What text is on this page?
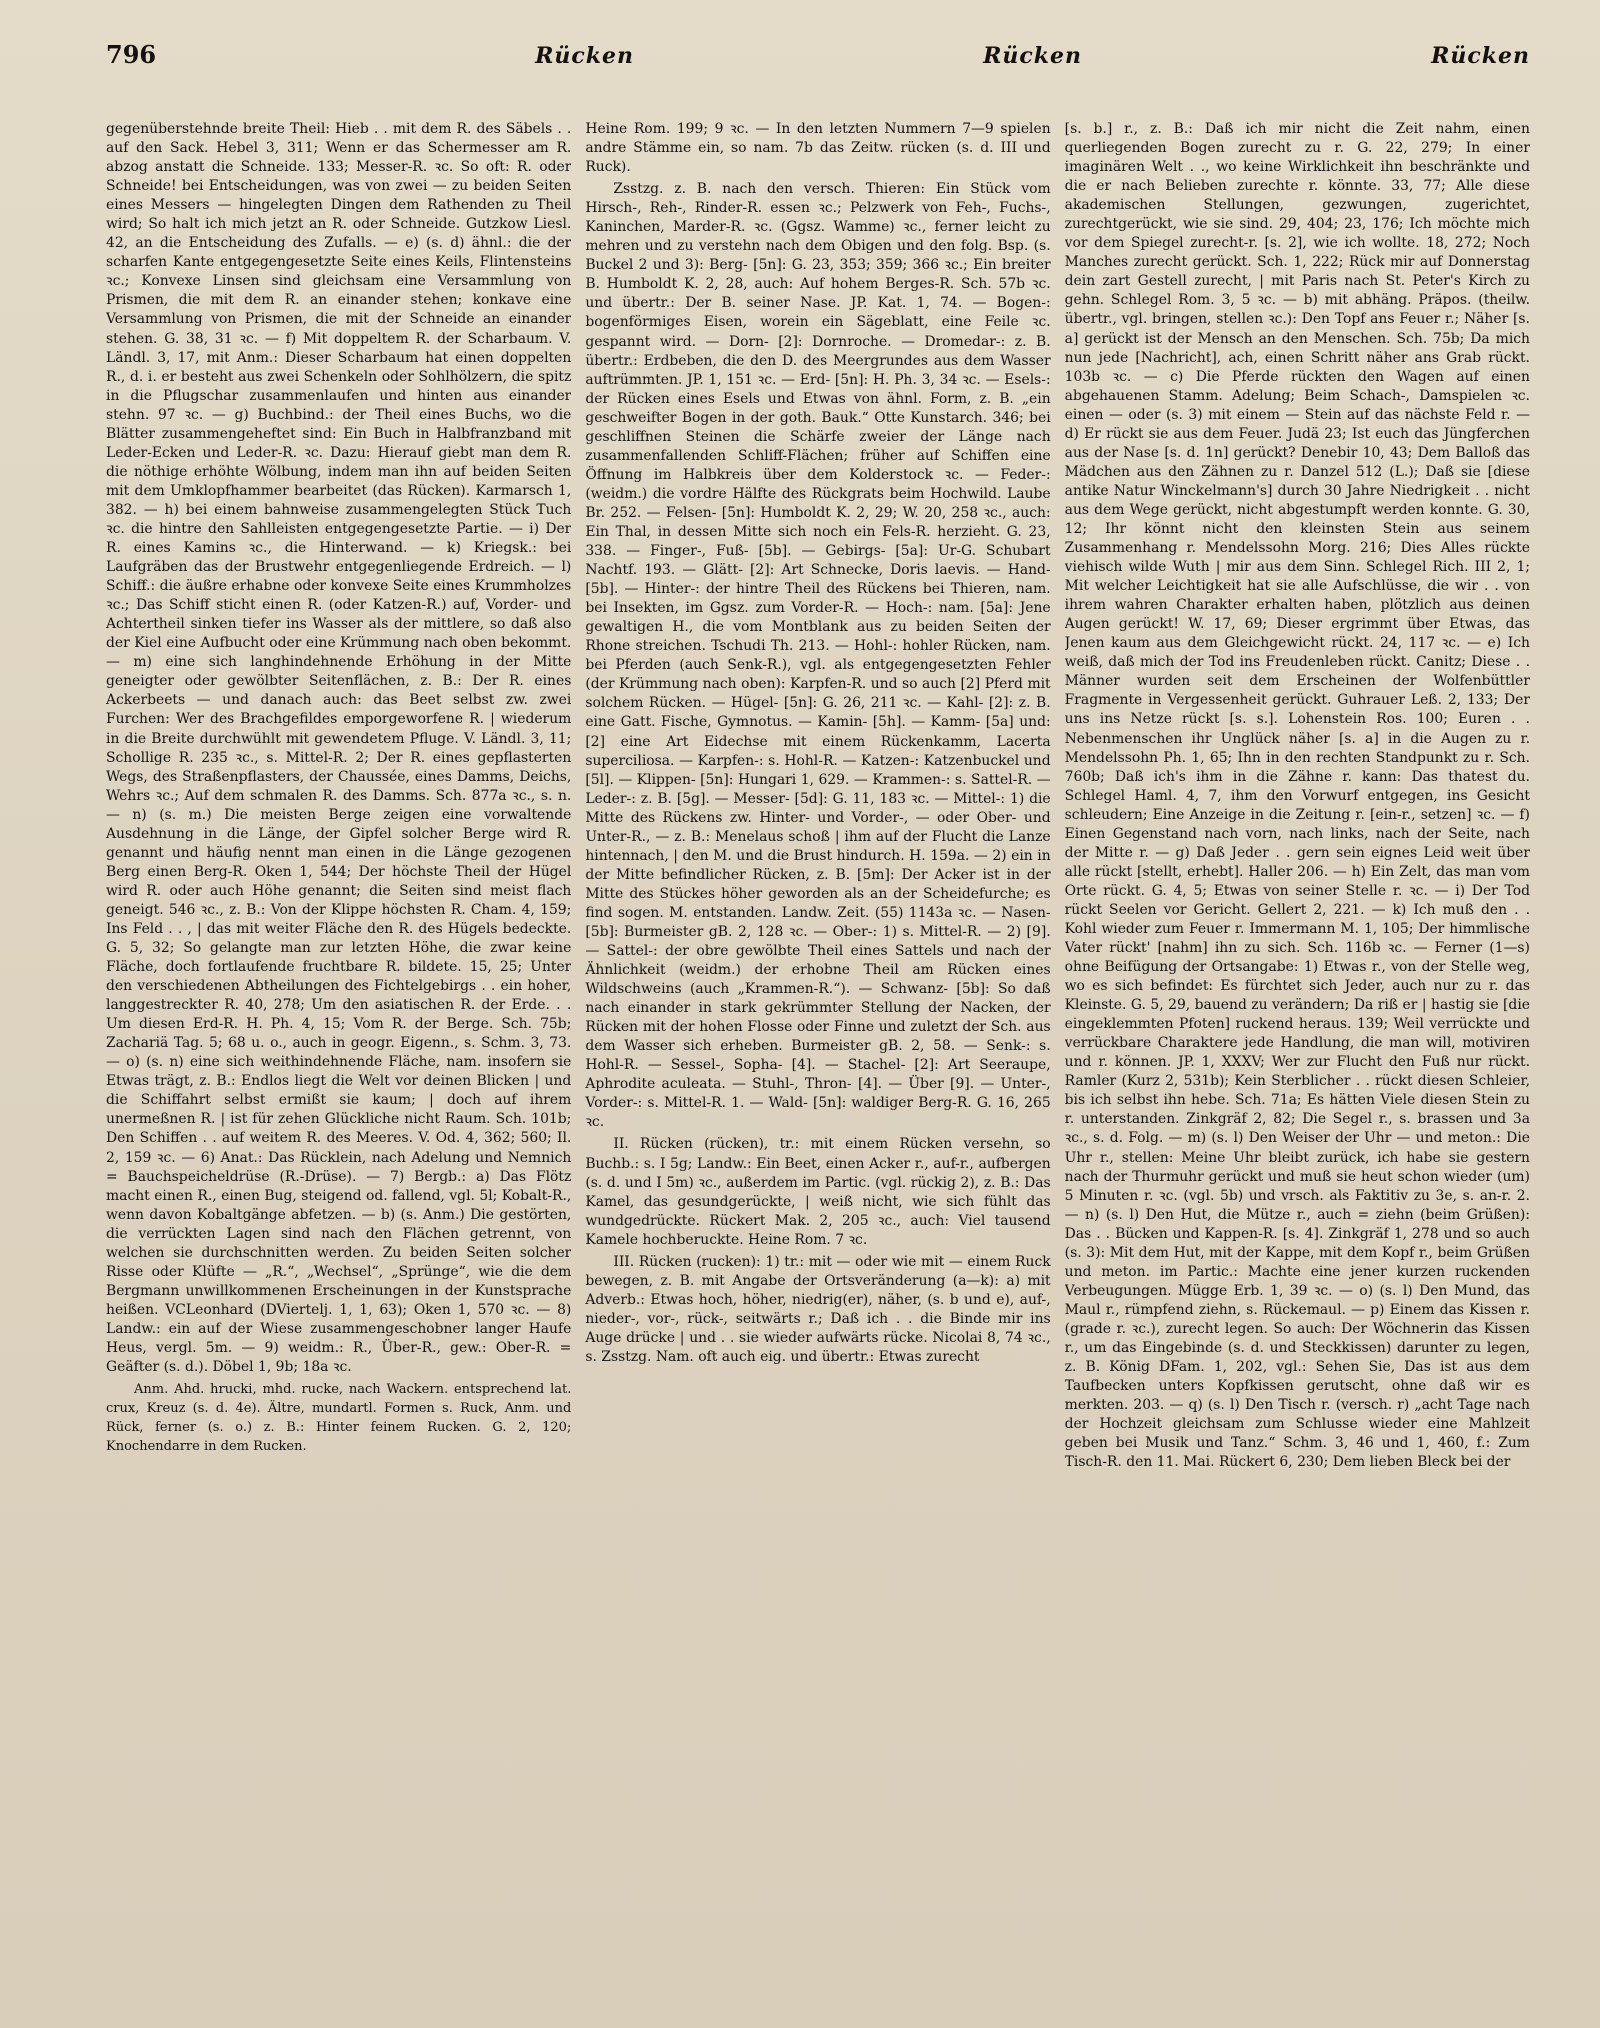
796	Rücken	Rücken	Rücken

gegenüberstehnde breite Theil: Hieb . . mit dem R. des Säbels . . auf den Sack. Hebel 3, 311; Wenn er das Schermesser am R. abzog anstatt die Schneide. 133; Messer-R. ꝛc. So oft: R. oder Schneide! bei Entscheidungen, was von zwei — zu beiden Seiten eines Messers — hingelegten Dingen dem Rathenden zu Theil wird; So halt ich mich jetzt an R. oder Schneide. Gutzkow Liesl. 42, an die Entscheidung des Zufalls. — e) (s. d) ähnl.: die der scharfen Kante entgegengesetzte Seite eines Keils, Flintensteins ꝛc.; Konvexe Linsen sind gleichsam eine Versammlung von Prismen, die mit dem R. an einander stehen; konkave eine Versammlung von Prismen, die mit der Schneide an einander stehen. G. 38, 31 ꝛc. — f) Mit doppeltem R. der Scharbaum. V. Ländl. 3, 17, mit Anm.: Dieser Scharbaum hat einen doppelten R., d. i. er besteht aus zwei Schenkeln oder Sohlhölzern, die spitz in die Pflugschar zusammenlaufen und hinten aus einander stehn. 97 ꝛc. — g) Buchbind.: der Theil eines Buchs, wo die Blätter zusammengeheftet sind: Ein Buch in Halbfranzband mit Leder-Ecken und Leder-R. ꝛc. Dazu: Hierauf giebt man dem R. die nöthige erhöhte Wölbung, indem man ihn auf beiden Seiten mit dem Umklopfhammer bearbeitet (das Rücken). Karmarsch 1, 382. — h) bei einem bahnweise zusammengelegten Stück Tuch ꝛc. die hintre den Sahlleisten entgegengesetzte Partie. — i) Der R. eines Kamins ꝛc., die Hinterwand. — k) Kriegsk.: bei Laufgräben das der Brustwehr entgegenliegende Erdreich. — l) Schiff.: die äußre erhabne oder konvexe Seite eines Krummholzes ꝛc.; Das Schiff sticht einen R. (oder Katzen-R.) auf, Vorder- und Achtertheil sinken tiefer ins Wasser als der mittlere, so daß also der Kiel eine Aufbucht oder eine Krümmung nach oben bekommt. — m) eine sich langhindehnende Erhöhung in der Mitte geneigter oder gewölbter Seitenflächen, z. B.: Der R. eines Ackerbeets — und danach auch: das Beet selbst zw. zwei Furchen: Wer des Brachgefildes emporgeworfene R. | wiederum in die Breite durchwühlt mit gewendetem Pfluge. V. Ländl. 3, 11; Schollige R. 235 ꝛc., s. Mittel-R. 2; Der R. eines gepflasterten Wegs, des Straßenpflasters, der Chaussée, eines Damms, Deichs, Wehrs ꝛc.; Auf dem schmalen R. des Damms. Sch. 877a ꝛc., s. n. — n) (s. m.) Die meisten Berge zeigen eine vorwaltende Ausdehnung in die Länge, der Gipfel solcher Berge wird R. genannt und häufig nennt man einen in die Länge gezogenen Berg einen Berg-R. Oken 1, 544; Der höchste Theil der Hügel wird R. oder auch Höhe genannt; die Seiten sind meist flach geneigt. 546 ꝛc., z. B.: Von der Klippe höchsten R. Cham. 4, 159; Ins Feld . . , | das mit weiter Fläche den R. des Hügels bedeckte. G. 5, 32; So gelangte man zur letzten Höhe, die zwar keine Fläche, doch fortlaufende fruchtbare R. bildete. 15, 25; Unter den verschiedenen Abtheilungen des Fichtelgebirgs . . ein hoher, langgestreckter R. 40, 278; Um den asiatischen R. der Erde. . . Um diesen Erd-R. H. Ph. 4, 15; Vom R. der Berge. Sch. 75b; Zachariä Tag. 5; 68 u. o., auch in geogr. Eigenn., s. Schm. 3, 73. — o) (s. n) eine sich weithindehnende Fläche, nam. insofern sie Etwas trägt, z. B.: Endlos liegt die Welt vor deinen Blicken | und die Schiffahrt selbst ermißt sie kaum; | doch auf ihrem unermeßnen R. | ist für zehen Glückliche nicht Raum. Sch. 101b; Den Schiffen . . auf weitem R. des Meeres. V. Od. 4, 362; 560; Il. 2, 159 ꝛc. — 6) Anat.: Das Rücklein, nach Adelung und Nemnich = Bauchspeicheldrüse (R.-Drüse). — 7) Bergb.: a) Das Flötz macht einen R., einen Bug, steigend od. fallend, vgl. 5l; Kobalt-R., wenn davon Kobaltgänge abfetzen. — b) (s. Anm.) Die gestörten, die verrückten Lagen sind nach den Flächen getrennt, von welchen sie durchschnitten werden. Zu beiden Seiten solcher Risse oder Klüfte — „R.“, „Wechsel“, „Sprünge“, wie die dem Bergmann unwillkommenen Erscheinungen in der Kunstsprache heißen. VCLeonhard (DViertelj. 1, 1, 63); Oken 1, 570 ꝛc. — 8) Landw.: ein auf der Wiese zusammengeschobner langer Haufe Heus, vergl. 5m. — 9) weidm.: R., Über-R., gew.: Ober-R. = Geäfter (s. d.). Döbel 1, 9b; 18a ꝛc.

Anm. Ahd. hrucki, mhd. rucke, nach Wackern. entsprechend lat. crux, Kreuz (s. d. 4e). Ältre, mundartl. Formen s. Ruck, Anm. und Rück, ferner (s. o.) z. B.: Hinter feinem Rucken. G. 2, 120; Knochendarre in dem Rucken.

Heine Rom. 199; 9 ꝛc. — In den letzten Nummern 7—9 spielen andre Stämme ein, so nam. 7b das Zeitw. rücken (s. d. III und Ruck).

Zsstzg. z. B. nach den versch. Thieren: Ein Stück vom Hirsch-, Reh-, Rinder-R. essen ꝛc.; Pelzwerk von Feh-, Fuchs-, Kaninchen, Marder-R. ꝛc. (Ggsz. Wamme) ꝛc., ferner leicht zu mehren und zu verstehn nach dem Obigen und den folg. Bsp. (s. Buckel 2 und 3): Berg- [5n]: G. 23, 353; 359; 366 ꝛc.; Ein breiter B. Humboldt K. 2, 28, auch: Auf hohem Berges-R. Sch. 57b ꝛc. und übertr.: Der B. seiner Nase. JP. Kat. 1, 74. — Bogen-: bogenförmiges Eisen, worein ein Sägeblatt, eine Feile ꝛc. gespannt wird. — Dorn- [2]: Dornroche. — Dromedar-: z. B. übertr.: Erdbeben, die den D. des Meergrundes aus dem Wasser auftrümmten. JP. 1, 151 ꝛc. — Erd- [5n]: H. Ph. 3, 34 ꝛc. — Esels-: der Rücken eines Esels und Etwas von ähnl. Form, z. B. „ein geschweifter Bogen in der goth. Bauk.“ Otte Kunstarch. 346; bei geschliffnen Steinen die Schärfe zweier der Länge nach zusammenfallenden Schliff-Flächen; früher auf Schiffen eine Öffnung im Halbkreis über dem Kolderstock ꝛc. — Feder-: (weidm.) die vordre Hälfte des Rückgrats beim Hochwild. Laube Br. 252. — Felsen- [5n]: Humboldt K. 2, 29; W. 20, 258 ꝛc., auch: Ein Thal, in dessen Mitte sich noch ein Fels-R. herzieht. G. 23, 338. — Finger-, Fuß- [5b]. — Gebirgs- [5a]: Ur-G. Schubart Nachtf. 193. — Glätt- [2]: Art Schnecke, Doris laevis. — Hand- [5b]. — Hinter-: der hintre Theil des Rückens bei Thieren, nam. bei Insekten, im Ggsz. zum Vorder-R. — Hoch-: nam. [5a]: Jene gewaltigen H., die vom Montblank aus zu beiden Seiten der Rhone streichen. Tschudi Th. 213. — Hohl-: hohler Rücken, nam. bei Pferden (auch Senk-R.), vgl. als entgegengesetzten Fehler (der Krümmung nach oben): Karpfen-R. und so auch [2] Pferd mit solchem Rücken. — Hügel- [5n]: G. 26, 211 ꝛc. — Kahl- [2]: z. B. eine Gatt. Fische, Gymnotus. — Kamin- [5h]. — Kamm- [5a] und: [2] eine Art Eidechse mit einem Rückenkamm, Lacerta superciliosa. — Karpfen-: s. Hohl-R. — Katzen-: Katzenbuckel und [5l]. — Klippen- [5n]: Hungari 1, 629. — Krammen-: s. Sattel-R. — Leder-: z. B. [5g]. — Messer- [5d]: G. 11, 183 ꝛc. — Mittel-: 1) die Mitte des Rückens zw. Hinter- und Vorder-, — oder Ober- und Unter-R., — z. B.: Menelaus schoß | ihm auf der Flucht die Lanze hintennach, | den M. und die Brust hindurch. H. 159a. — 2) ein in der Mitte befindlicher Rücken, z. B. [5m]: Der Acker ist in der Mitte des Stückes höher geworden als an der Scheidefurche; es find sogen. M. entstanden. Landw. Zeit. (55) 1143a ꝛc. — Nasen- [5b]: Burmeister gB. 2, 128 ꝛc. — Ober-: 1) s. Mittel-R. — 2) [9]. — Sattel-: der obre gewölbte Theil eines Sattels und nach der Ähnlichkeit (weidm.) der erhobne Theil am Rücken eines Wildschweins (auch „Krammen-R.“). — Schwanz- [5b]: So daß nach einander in stark gekrümmter Stellung der Nacken, der Rücken mit der hohen Flosse oder Finne und zuletzt der Sch. aus dem Wasser sich erheben. Burmeister gB. 2, 58. — Senk-: s. Hohl-R. — Sessel-, Sopha- [4]. — Stachel- [2]: Art Seeraupe, Aphrodite aculeata. — Stuhl-, Thron- [4]. — Über [9]. — Unter-, Vorder-: s. Mittel-R. 1. — Wald- [5n]: waldiger Berg-R. G. 16, 265 ꝛc.

II. Rücken (rücken), tr.: mit einem Rücken versehn, so Buchb.: s. I 5g; Landw.: Ein Beet, einen Acker r., auf-r., aufbergen (s. d. und I 5m) ꝛc., außerdem im Partic. (vgl. rückig 2), z. B.: Das Kamel, das gesundgerückte, | weiß nicht, wie sich fühlt das wundgedrückte. Rückert Mak. 2, 205 ꝛc., auch: Viel tausend Kamele hochberuckte. Heine Rom. 7 ꝛc.

III. Rücken (rucken): 1) tr.: mit — oder wie mit — einem Ruck bewegen, z. B. mit Angabe der Ortsveränderung (a—k): a) mit Adverb.: Etwas hoch, höher, niedrig(er), näher, (s. b und e), auf-, nieder-, vor-, rück-, seitwärts r.; Daß ich . . die Binde mir ins Auge drücke | und . . sie wieder aufwärts rücke. Nicolai 8, 74 ꝛc., s. Zsstzg. Nam. oft auch eig. und übertr.: Etwas zurecht

[s. b.] r., z. B.: Daß ich mir nicht die Zeit nahm, einen querliegenden Bogen zurecht zu r. G. 22, 279; In einer imaginären Welt . ., wo keine Wirklichkeit ihn beschränkte und die er nach Belieben zurechte r. könnte. 33, 77; Alle diese akademischen Stellungen, gezwungen, zugerichtet, zurechtgerückt, wie sie sind. 29, 404; 23, 176; Ich möchte mich vor dem Spiegel zurecht-r. [s. 2], wie ich wollte. 18, 272; Noch Manches zurecht gerückt. Sch. 1, 222; Rück mir auf Donnerstag dein zart Gestell zurecht, | mit Paris nach St. Peter's Kirch zu gehn. Schlegel Rom. 3, 5 ꝛc. — b) mit abhäng. Präpos. (theilw. übertr., vgl. bringen, stellen ꝛc.): Den Topf ans Feuer r.; Näher [s. a] gerückt ist der Mensch an den Menschen. Sch. 75b; Da mich nun jede [Nachricht], ach, einen Schritt näher ans Grab rückt. 103b ꝛc. — c) Die Pferde rückten den Wagen auf einen abgehauenen Stamm. Adelung; Beim Schach-, Damspielen ꝛc. einen — oder (s. 3) mit einem — Stein auf das nächste Feld r. — d) Er rückt sie aus dem Feuer. Judä 23; Ist euch das Jüngferchen aus der Nase [s. d. 1n] gerückt? Denebir 10, 43; Dem Balloß das Mädchen aus den Zähnen zu r. Danzel 512 (L.); Daß sie [diese antike Natur Winckelmann's] durch 30 Jahre Niedrigkeit . . nicht aus dem Wege gerückt, nicht abgestumpft werden konnte. G. 30, 12; Ihr könnt nicht den kleinsten Stein aus seinem Zusammenhang r. Mendelssohn Morg. 216; Dies Alles rückte viehisch wilde Wuth | mir aus dem Sinn. Schlegel Rich. III 2, 1; Mit welcher Leichtigkeit hat sie alle Aufschlüsse, die wir . . von ihrem wahren Charakter erhalten haben, plötzlich aus deinen Augen gerückt! W. 17, 69; Dieser ergrimmt über Etwas, das Jenen kaum aus dem Gleichgewicht rückt. 24, 117 ꝛc. — e) Ich weiß, daß mich der Tod ins Freudenleben rückt. Canitz; Diese . . Männer wurden seit dem Erscheinen der Wolfenbüttler Fragmente in Vergessenheit gerückt. Guhrauer Leß. 2, 133; Der uns ins Netze rückt [s. s.]. Lohenstein Ros. 100; Euren . . Nebenmenschen ihr Unglück näher [s. a] in die Augen zu r. Mendelssohn Ph. 1, 65; Ihn in den rechten Standpunkt zu r. Sch. 760b; Daß ich's ihm in die Zähne r. kann: Das thatest du. Schlegel Haml. 4, 7, ihm den Vorwurf entgegen, ins Gesicht schleudern; Eine Anzeige in die Zeitung r. [ein-r., setzen] ꝛc. — f) Einen Gegenstand nach vorn, nach links, nach der Seite, nach der Mitte r. — g) Daß Jeder . . gern sein eignes Leid weit über alle rückt [stellt, erhebt]. Haller 206. — h) Ein Zelt, das man vom Orte rückt. G. 4, 5; Etwas von seiner Stelle r. ꝛc. — i) Der Tod rückt Seelen vor Gericht. Gellert 2, 221. — k) Ich muß den . . Kohl wieder zum Feuer r. Immermann M. 1, 105; Der himmlische Vater rückt' [nahm] ihn zu sich. Sch. 116b ꝛc. — Ferner (1—s) ohne Beifügung der Ortsangabe: 1) Etwas r., von der Stelle weg, wo es sich befindet: Es fürchtet sich Jeder, auch nur zu r. das Kleinste. G. 5, 29, bauend zu verändern; Da riß er | hastig sie [die eingeklemmten Pfoten] ruckend heraus. 139; Weil verrückte und verrückbare Charaktere jede Handlung, die man will, motiviren und r. können. JP. 1, XXXV; Wer zur Flucht den Fuß nur rückt. Ramler (Kurz 2, 531b); Kein Sterblicher . . rückt diesen Schleier, bis ich selbst ihn hebe. Sch. 71a; Es hätten Viele diesen Stein zu r. unterstanden. Zinkgräf 2, 82; Die Segel r., s. brassen und 3a ꝛc., s. d. Folg. — m) (s. l) Den Weiser der Uhr — und meton.: Die Uhr r., stellen: Meine Uhr bleibt zurück, ich habe sie gestern nach der Thurmuhr gerückt und muß sie heut schon wieder (um) 5 Minuten r. ꝛc. (vgl. 5b) und vrsch. als Faktitiv zu 3e, s. an-r. 2. — n) (s. l) Den Hut, die Mütze r., auch = ziehn (beim Grüßen): Das . . Bücken und Kappen-R. [s. 4]. Zinkgräf 1, 278 und so auch (s. 3): Mit dem Hut, mit der Kappe, mit dem Kopf r., beim Grüßen und meton. im Partic.: Machte eine jener kurzen ruckenden Verbeugungen. Mügge Erb. 1, 39 ꝛc. — o) (s. l) Den Mund, das Maul r., rümpfend ziehn, s. Rückemaul. — p) Einem das Kissen r. (grade r. ꝛc.), zurecht legen. So auch: Der Wöchnerin das Kissen r., um das Eingebinde (s. d. und Steckkissen) darunter zu legen, z. B. König DFam. 1, 202, vgl.: Sehen Sie, Das ist aus dem Taufbecken unters Kopfkissen gerutscht, ohne daß wir es merkten. 203. — q) (s. l) Den Tisch r. (versch. r) „acht Tage nach der Hochzeit gleichsam zum Schlusse wieder eine Mahlzeit geben bei Musik und Tanz.“ Schm. 3, 46 und 1, 460, f.: Zum Tisch-R. den 11. Mai. Rückert 6, 230; Dem lieben Bleck bei der
